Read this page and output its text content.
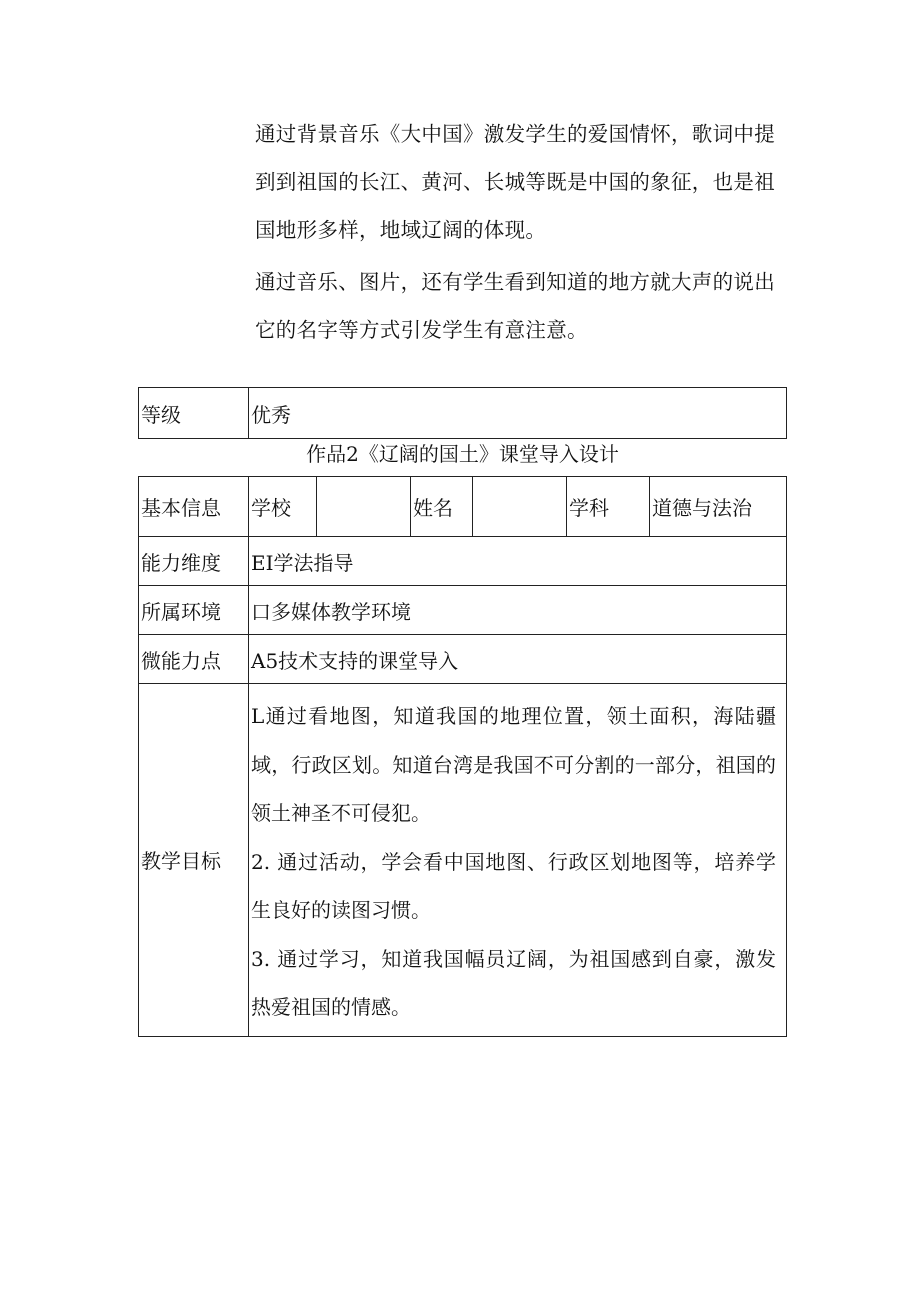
通过背景音乐《大中国》激发学生的爱国情怀，歌词中提到到祖国的长江、黄河、长城等既是中国的象征，也是祖国地形多样，地域辽阔的体现。

通过音乐、图片，还有学生看到知道的地方就大声的说出它的名字等方式引发学生有意注意。

等级	优秀
作品2《辽阔的国土》课堂导入设计
基本信息	学校		姓名		学科	道德与法治
能力维度	EI学法指导					
所属环境	口多媒体教学环境					
微能力点	A5技术支持的课堂导入					
教学目标	L通过看地图，知道我国的地理位置，领土面积，海陆疆域，行政区划。知道台湾是我国不可分割的一部分，祖国的领土神圣不可侵犯。

2. 通过活动，学会看中国地图、行政区划地图等，培养学生良好的读图习惯。

3. 通过学习，知道我国幅员辽阔，为祖国感到自豪，激发热爱祖国的情感。					
